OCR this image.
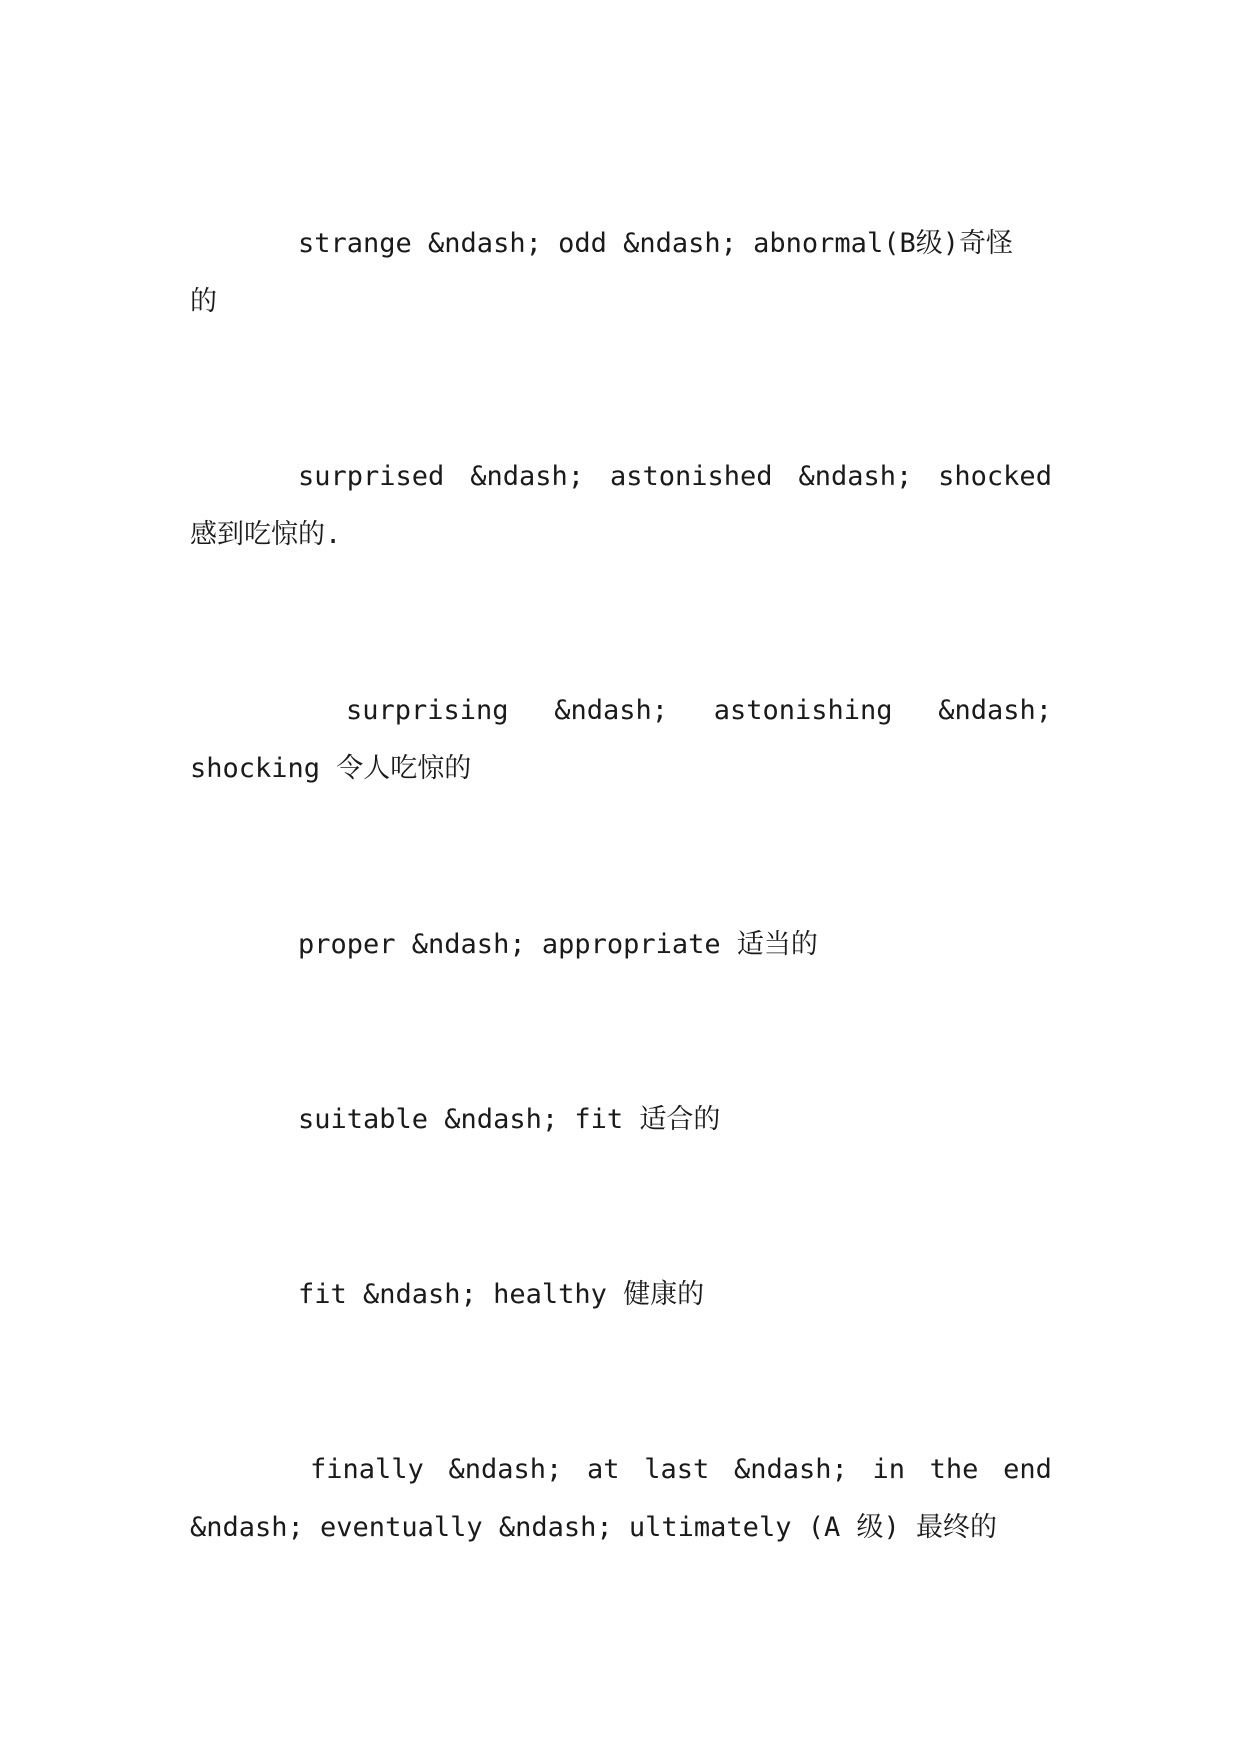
strange &ndash; odd &ndash; abnormal(B级)奇怪
的
surprised &ndash; astonished &ndash; shocked
感到吃惊的.
surprising &ndash; astonishing &ndash;
shocking 令人吃惊的
proper &ndash; appropriate 适当的
suitable &ndash; fit 适合的
fit &ndash; healthy 健康的
finally &ndash; at last &ndash; in the end
&ndash; eventually &ndash; ultimately (A 级) 最终的
